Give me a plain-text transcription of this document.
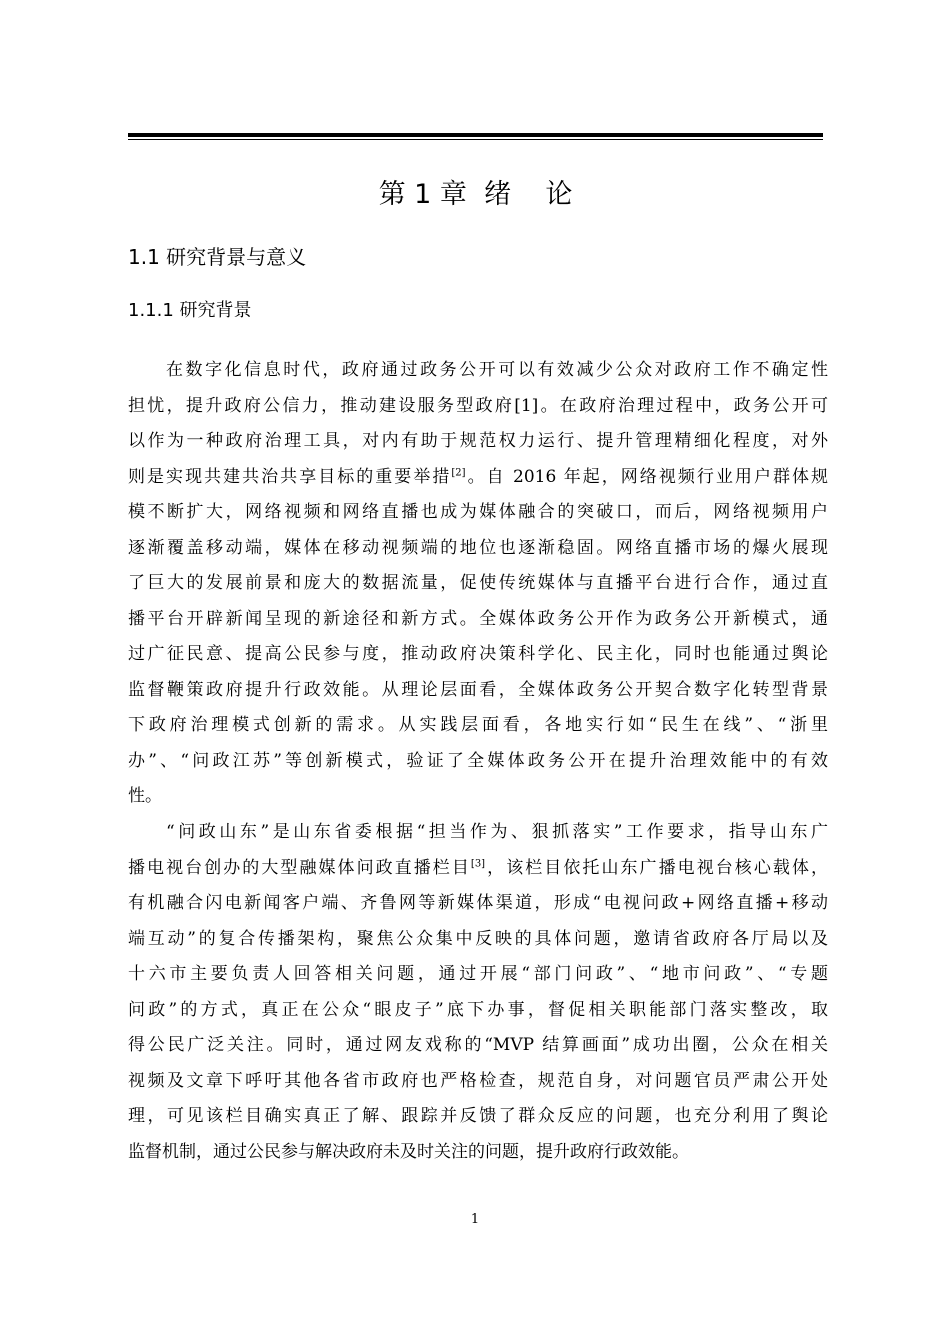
第 1 章  绪    论
1.1 研究背景与意义
1.1.1 研究背景
在数字化信息时代，政府通过政务公开可以有效减少公众对政府工作不确定性
担忧，提升政府公信力，推动建设服务型政府[1]。在政府治理过程中，政务公开可
以作为一种政府治理工具，对内有助于规范权力运行、提升管理精细化程度，对外
则是实现共建共治共享目标的重要举措[2]。自 2016 年起，网络视频行业用户群体规
模不断扩大，网络视频和网络直播也成为媒体融合的突破口，而后，网络视频用户
逐渐覆盖移动端，媒体在移动视频端的地位也逐渐稳固。网络直播市场的爆火展现
了巨大的发展前景和庞大的数据流量，促使传统媒体与直播平台进行合作，通过直
播平台开辟新闻呈现的新途径和新方式。全媒体政务公开作为政务公开新模式，通
过广征民意、提高公民参与度，推动政府决策科学化、民主化，同时也能通过舆论
监督鞭策政府提升行政效能。从理论层面看，全媒体政务公开契合数字化转型背景
下政府治理模式创新的需求。从实践层面看，各地实行如“民生在线”、“浙里
办”、“问政江苏”等创新模式，验证了全媒体政务公开在提升治理效能中的有效
性。
“问政山东”是山东省委根据“担当作为、狠抓落实”工作要求，指导山东广
播电视台创办的大型融媒体问政直播栏目[3]，该栏目依托山东广播电视台核心载体，
有机融合闪电新闻客户端、齐鲁网等新媒体渠道，形成“电视问政+网络直播+移动
端互动”的复合传播架构，聚焦公众集中反映的具体问题，邀请省政府各厅局以及
十六市主要负责人回答相关问题，通过开展“部门问政”、“地市问政”、“专题
问政”的方式，真正在公众“眼皮子”底下办事，督促相关职能部门落实整改，取
得公民广泛关注。同时，通过网友戏称的“MVP 结算画面”成功出圈，公众在相关
视频及文章下呼吁其他各省市政府也严格检查，规范自身，对问题官员严肃公开处
理，可见该栏目确实真正了解、跟踪并反馈了群众反应的问题，也充分利用了舆论
监督机制，通过公民参与解决政府未及时关注的问题，提升政府行政效能。
1
